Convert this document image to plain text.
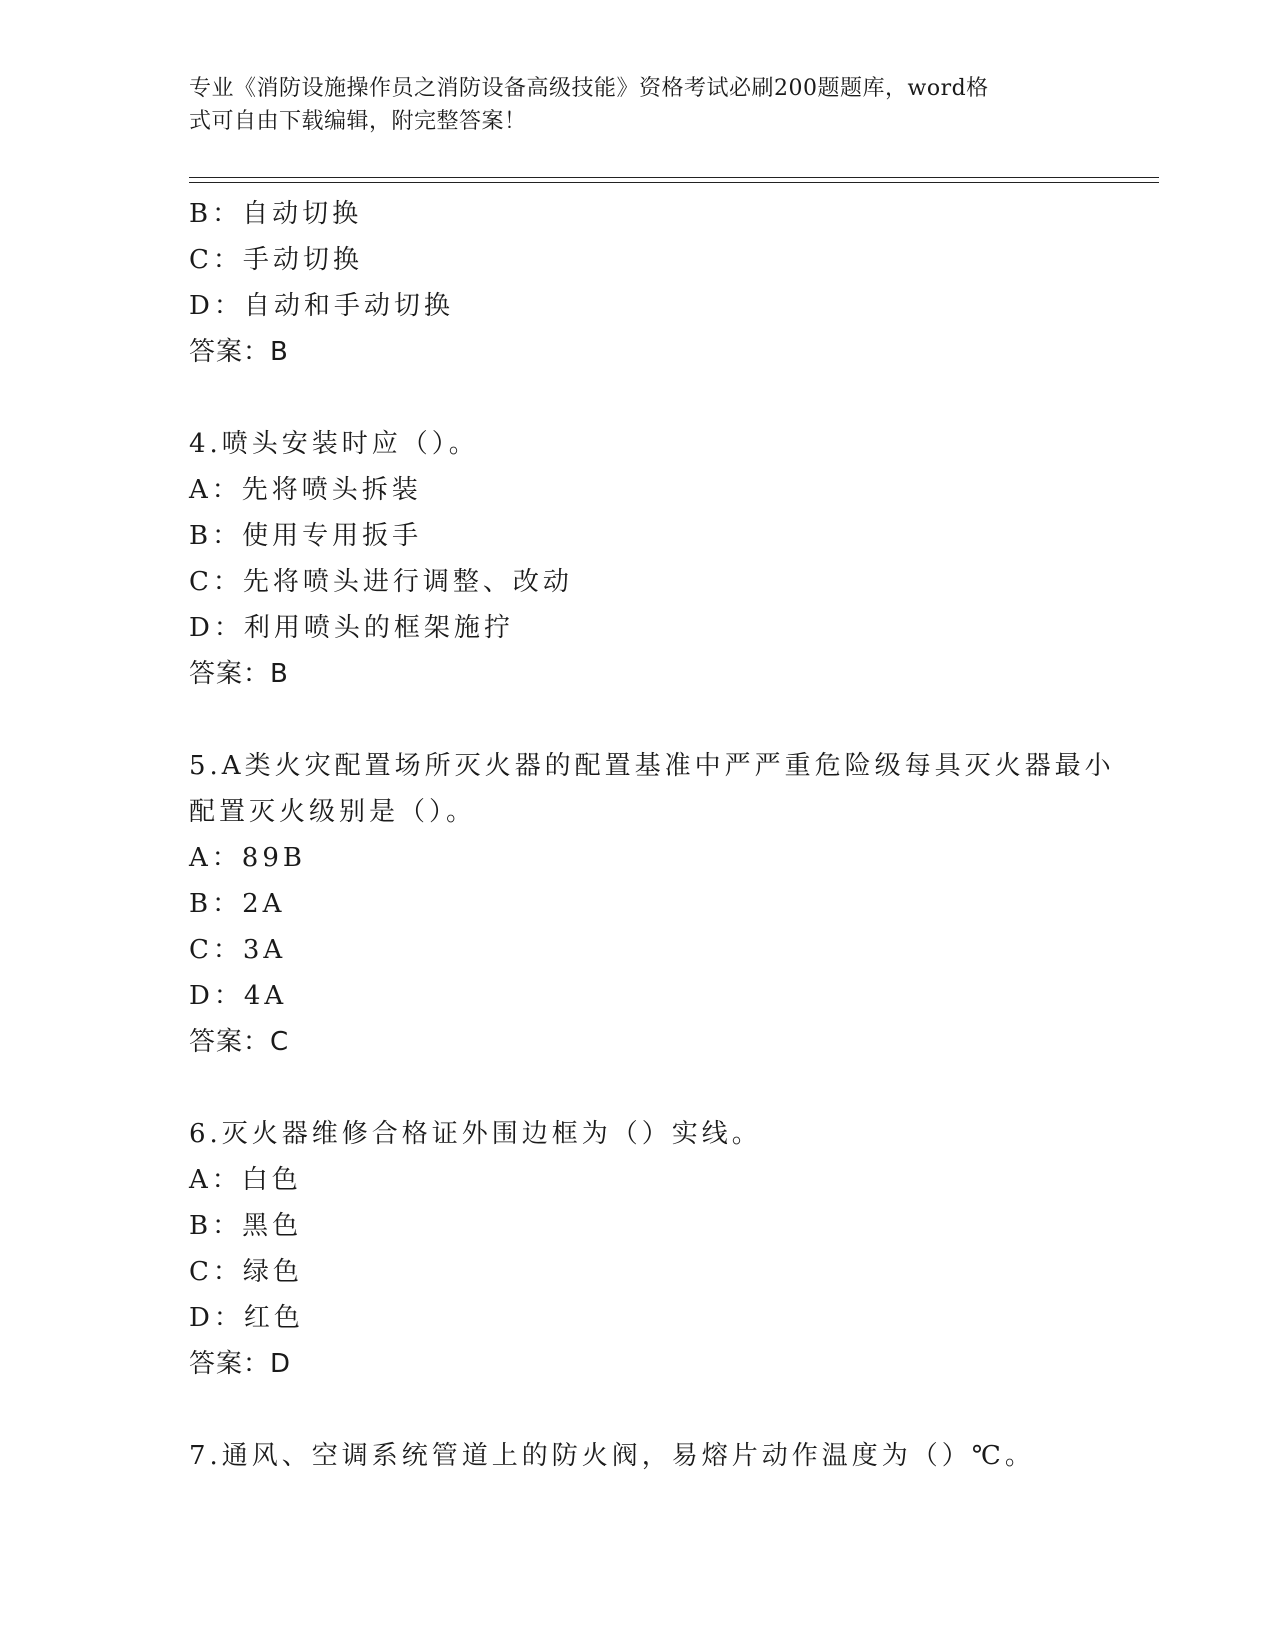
专业《消防设施操作员之消防设备高级技能》资格考试必刷200题题库，word格
式可自由下载编辑，附完整答案！
B：自动切换
C：手动切换
D：自动和手动切换
答案：B
4.喷头安装时应（）。
A：先将喷头拆装
B：使用专用扳手
C：先将喷头进行调整、改动
D：利用喷头的框架施拧
答案：B
5.A类火灾配置场所灭火器的配置基准中严严重危险级每具灭火器最小
配置灭火级别是（）。
A：89B
B：2A
C：3A
D：4A
答案：C
6.灭火器维修合格证外围边框为（）实线。
A：白色
B：黑色
C：绿色
D：红色
答案：D
7.通风、空调系统管道上的防火阀，易熔片动作温度为（）℃。
